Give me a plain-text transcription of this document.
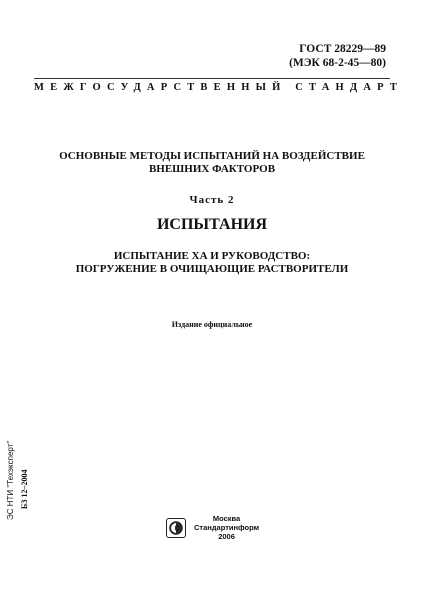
ГОСТ 28229—89
(МЭК 68-2-45—80)
МЕЖГОСУДАРСТВЕННЫЙ СТАНДАРТ
ОСНОВНЫЕ МЕТОДЫ ИСПЫТАНИЙ НА ВОЗДЕЙСТВИЕ
ВНЕШНИХ ФАКТОРОВ
Часть 2
ИСПЫТАНИЯ
ИСПЫТАНИЕ ХА И РУКОВОДСТВО:
ПОГРУЖЕНИЕ В ОЧИЩАЮЩИЕ РАСТВОРИТЕЛИ
Издание официальное
ЭС НТИ "Техэксперт" БЗ 12–2004
Москва
Стандартинформ
2006
